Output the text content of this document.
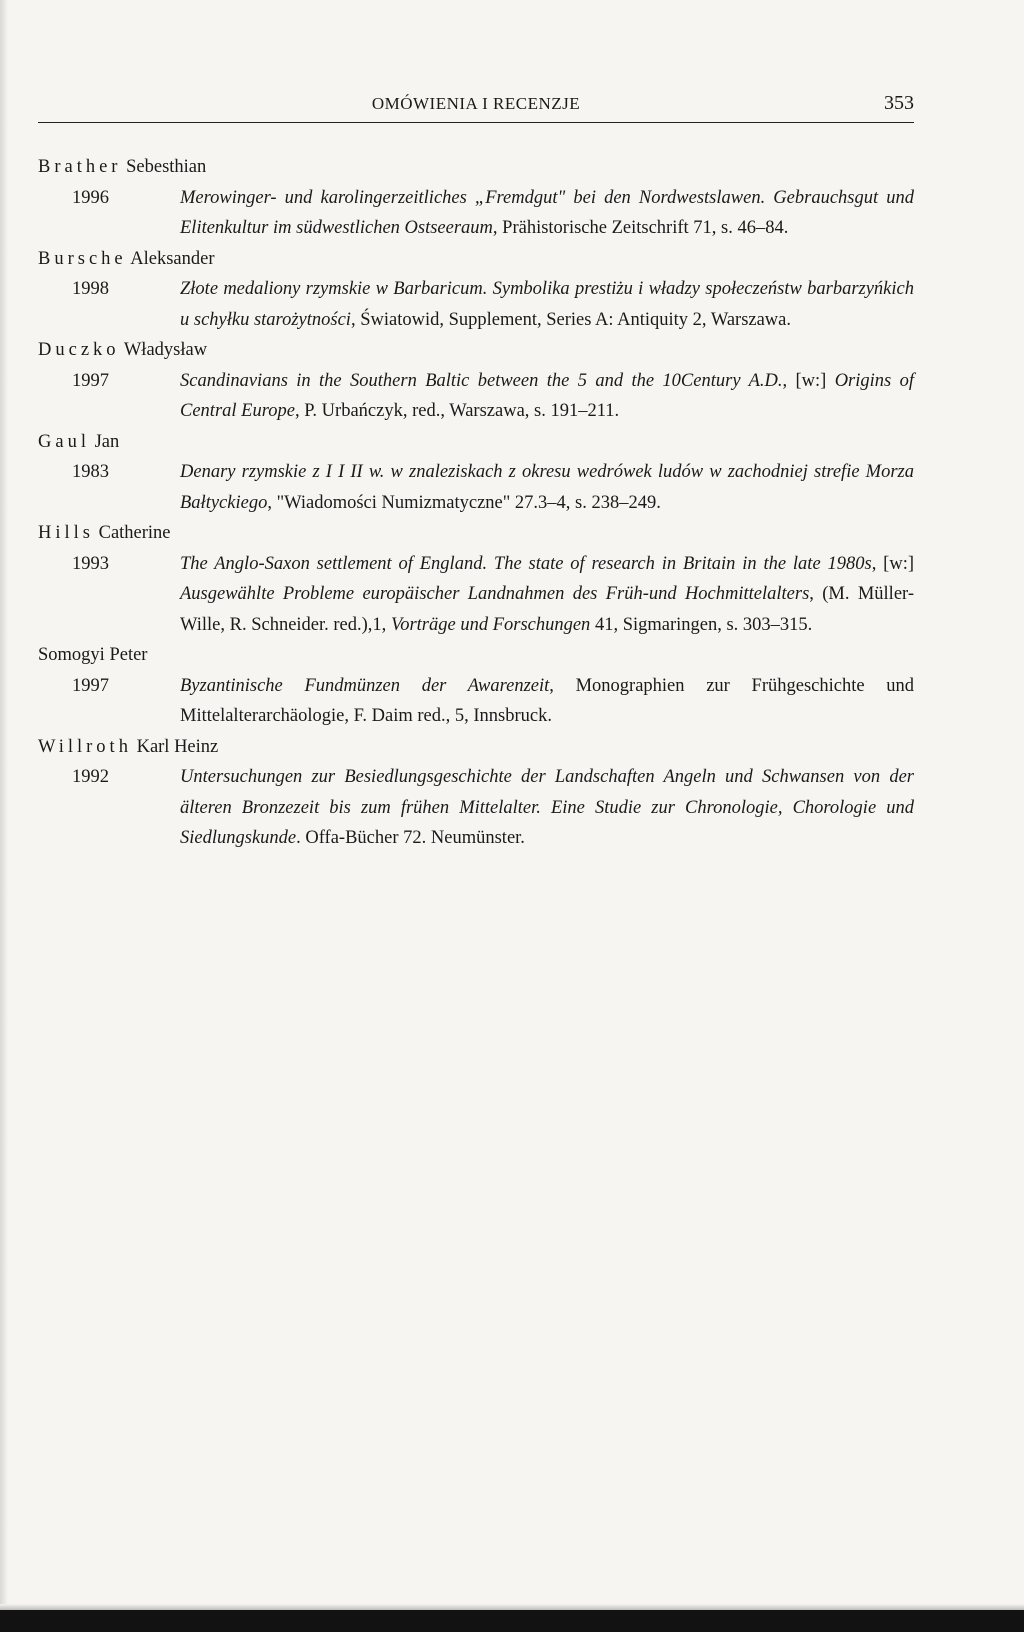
OMÓWIENIA I RECENZJE	353
Brather Sebesthian
1996	Merowinger- und karolingerzeitliches „Fremdgut" bei den Nordwestslawen. Gebrauchsgut und Elitenkultur im südwestlichen Ostseeraum, Prähistorische Zeitschrift 71, s. 46–84.
Bursche Aleksander
1998	Złote medaliony rzymskie w Barbaricum. Symbolika prestiżu i władzy społeczeństw barbarzyńkich u schyłku starożytności, Światowid, Supplement, Series A: Antiquity 2, Warszawa.
Duczko Władysław
1997	Scandinavians in the Southern Baltic between the 5 and the 10Century A.D., [w:] Origins of Central Europe, P. Urbańczyk, red., Warszawa, s. 191–211.
Gaul Jan
1983	Denary rzymskie z I I II w. w znaleziskach z okresu wedrówek ludów w zachodniej strefie Morza Bałtyckiego, "Wiadomości Numizmatyczne" 27.3–4, s. 238–249.
Hills Catherine
1993	The Anglo-Saxon settlement of England. The state of research in Britain in the late 1980s, [w:] Ausgewählte Probleme europäischer Landnahmen des Früh-und Hochmittelalters, (M. Müller-Wille, R. Schneider. red.),1, Vorträge und Forschungen 41, Sigmaringen, s. 303–315.
Somogyi Peter
1997	Byzantinische Fundmünzen der Awarenzeit, Monographien zur Frühgeschichte und Mittelalterarchäologie, F. Daim red., 5, Innsbruck.
Willroth Karl Heinz
1992	Untersuchungen zur Besiedlungsgeschichte der Landschaften Angeln und Schwansen von der älteren Bronzezeit bis zum frühen Mittelalter. Eine Studie zur Chronologie, Chorologie und Siedlungskunde. Offa-Bücher 72. Neumünster.
